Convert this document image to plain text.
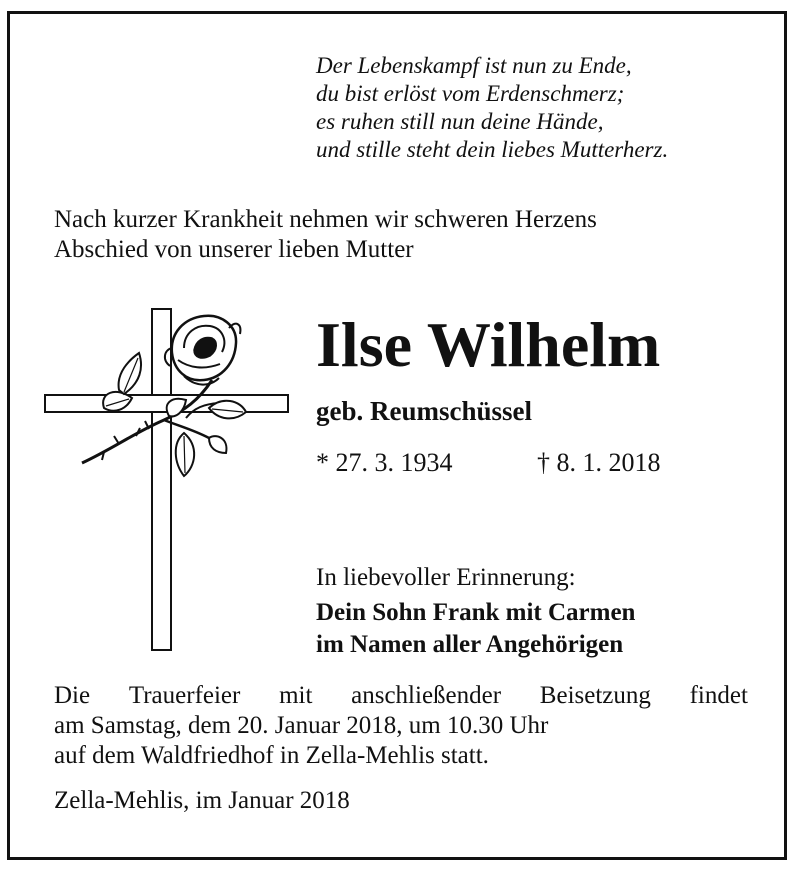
Der Lebenskampf ist nun zu Ende,
du bist erlöst vom Erdenschmerz;
es ruhen still nun deine Hände,
und stille steht dein liebes Mutterherz.
Nach kurzer Krankheit nehmen wir schweren Herzens
Abschied von unserer lieben Mutter
Ilse Wilhelm
geb. Reumschüssel
* 27. 3. 1934	† 8. 1. 2018
In liebevoller Erinnerung:
Dein Sohn Frank mit Carmen
im Namen aller Angehörigen
Die Trauerfeier mit anschließender Beisetzung findet
am Samstag, dem 20. Januar 2018, um 10.30 Uhr
auf dem Waldfriedhof in Zella-Mehlis statt.
Zella-Mehlis, im Januar 2018
